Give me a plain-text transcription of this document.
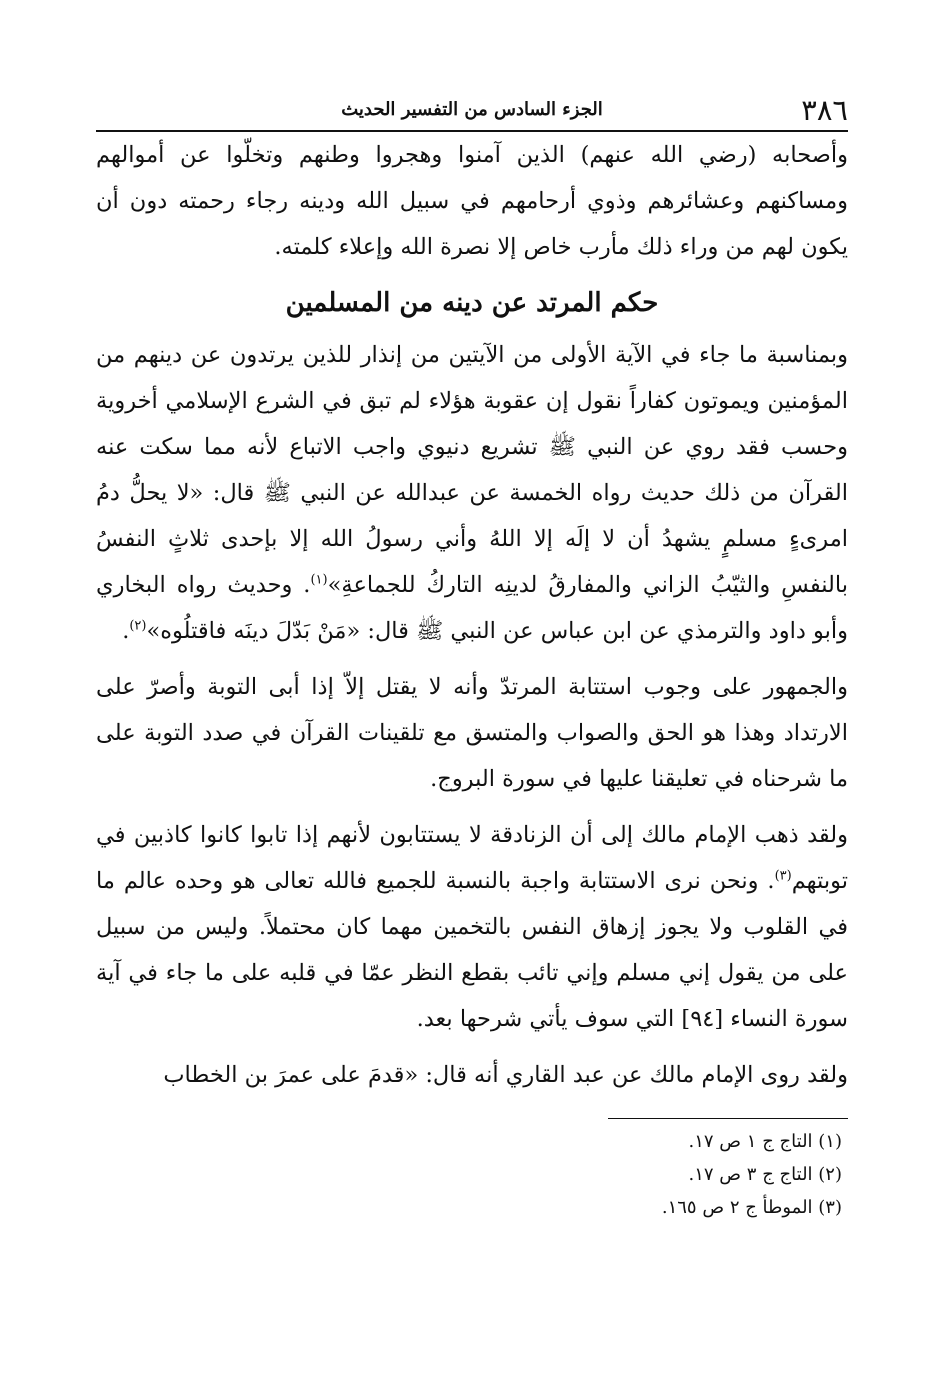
٣٨٦
الجزء السادس من التفسير الحديث

وأصحابه (رضي الله عنهم) الذين آمنوا وهجروا وطنهم وتخلّوا عن أموالهم ومساكنهم وعشائرهم وذوي أرحامهم في سبيل الله ودينه رجاء رحمته دون أن يكون لهم من وراء ذلك مأرب خاص إلا نصرة الله وإعلاء كلمته.

حكم المرتد عن دينه من المسلمين

وبمناسبة ما جاء في الآية الأولى من الآيتين من إنذار للذين يرتدون عن دينهم من المؤمنين ويموتون كفاراً نقول إن عقوبة هؤلاء لم تبق في الشرع الإسلامي أخروية وحسب فقد روي عن النبي ﷺ تشريع دنيوي واجب الاتباع لأنه مما سكت عنه القرآن من ذلك حديث رواه الخمسة عن عبدالله عن النبي ﷺ قال: «لا يحلُّ دمُ امرىءٍ مسلمٍ يشهدُ أن لا إلَه إلا اللهُ وأني رسولُ الله إلا بإحدى ثلاثٍ النفسُ بالنفسِ والثيّبُ الزاني والمفارقُ لدينِه التاركُ للجماعةِ»$^{(١)}$. وحديث رواه البخاري وأبو داود والترمذي عن ابن عباس عن النبي ﷺ قال: «مَنْ بَدّلَ دينَه فاقتلُوه»$^{(٢)}$.

والجمهور على وجوب استتابة المرتدّ وأنه لا يقتل إلاّ إذا أبى التوبة وأصرّ على الارتداد وهذا هو الحق والصواب والمتسق مع تلقينات القرآن في صدد التوبة على ما شرحناه في تعليقنا عليها في سورة البروج.

ولقد ذهب الإمام مالك إلى أن الزنادقة لا يستتابون لأنهم إذا تابوا كانوا كاذبين في توبتهم$^{(٣)}$. ونحن نرى الاستتابة واجبة بالنسبة للجميع فالله تعالى هو وحده عالم ما في القلوب ولا يجوز إزهاق النفس بالتخمين مهما كان محتملاً. وليس من سبيل على من يقول إني مسلم وإني تائب بقطع النظر عمّا في قلبه على ما جاء في آية سورة النساء [٩٤] التي سوف يأتي شرحها بعد.

ولقد روى الإمام مالك عن عبد القاري أنه قال: «قدمَ على عمرَ بن الخطاب

(١) التاج ج ١ ص ١٧.
(٢) التاج ج ٣ ص ١٧.
(٣) الموطأ ج ٢ ص ١٦٥.
